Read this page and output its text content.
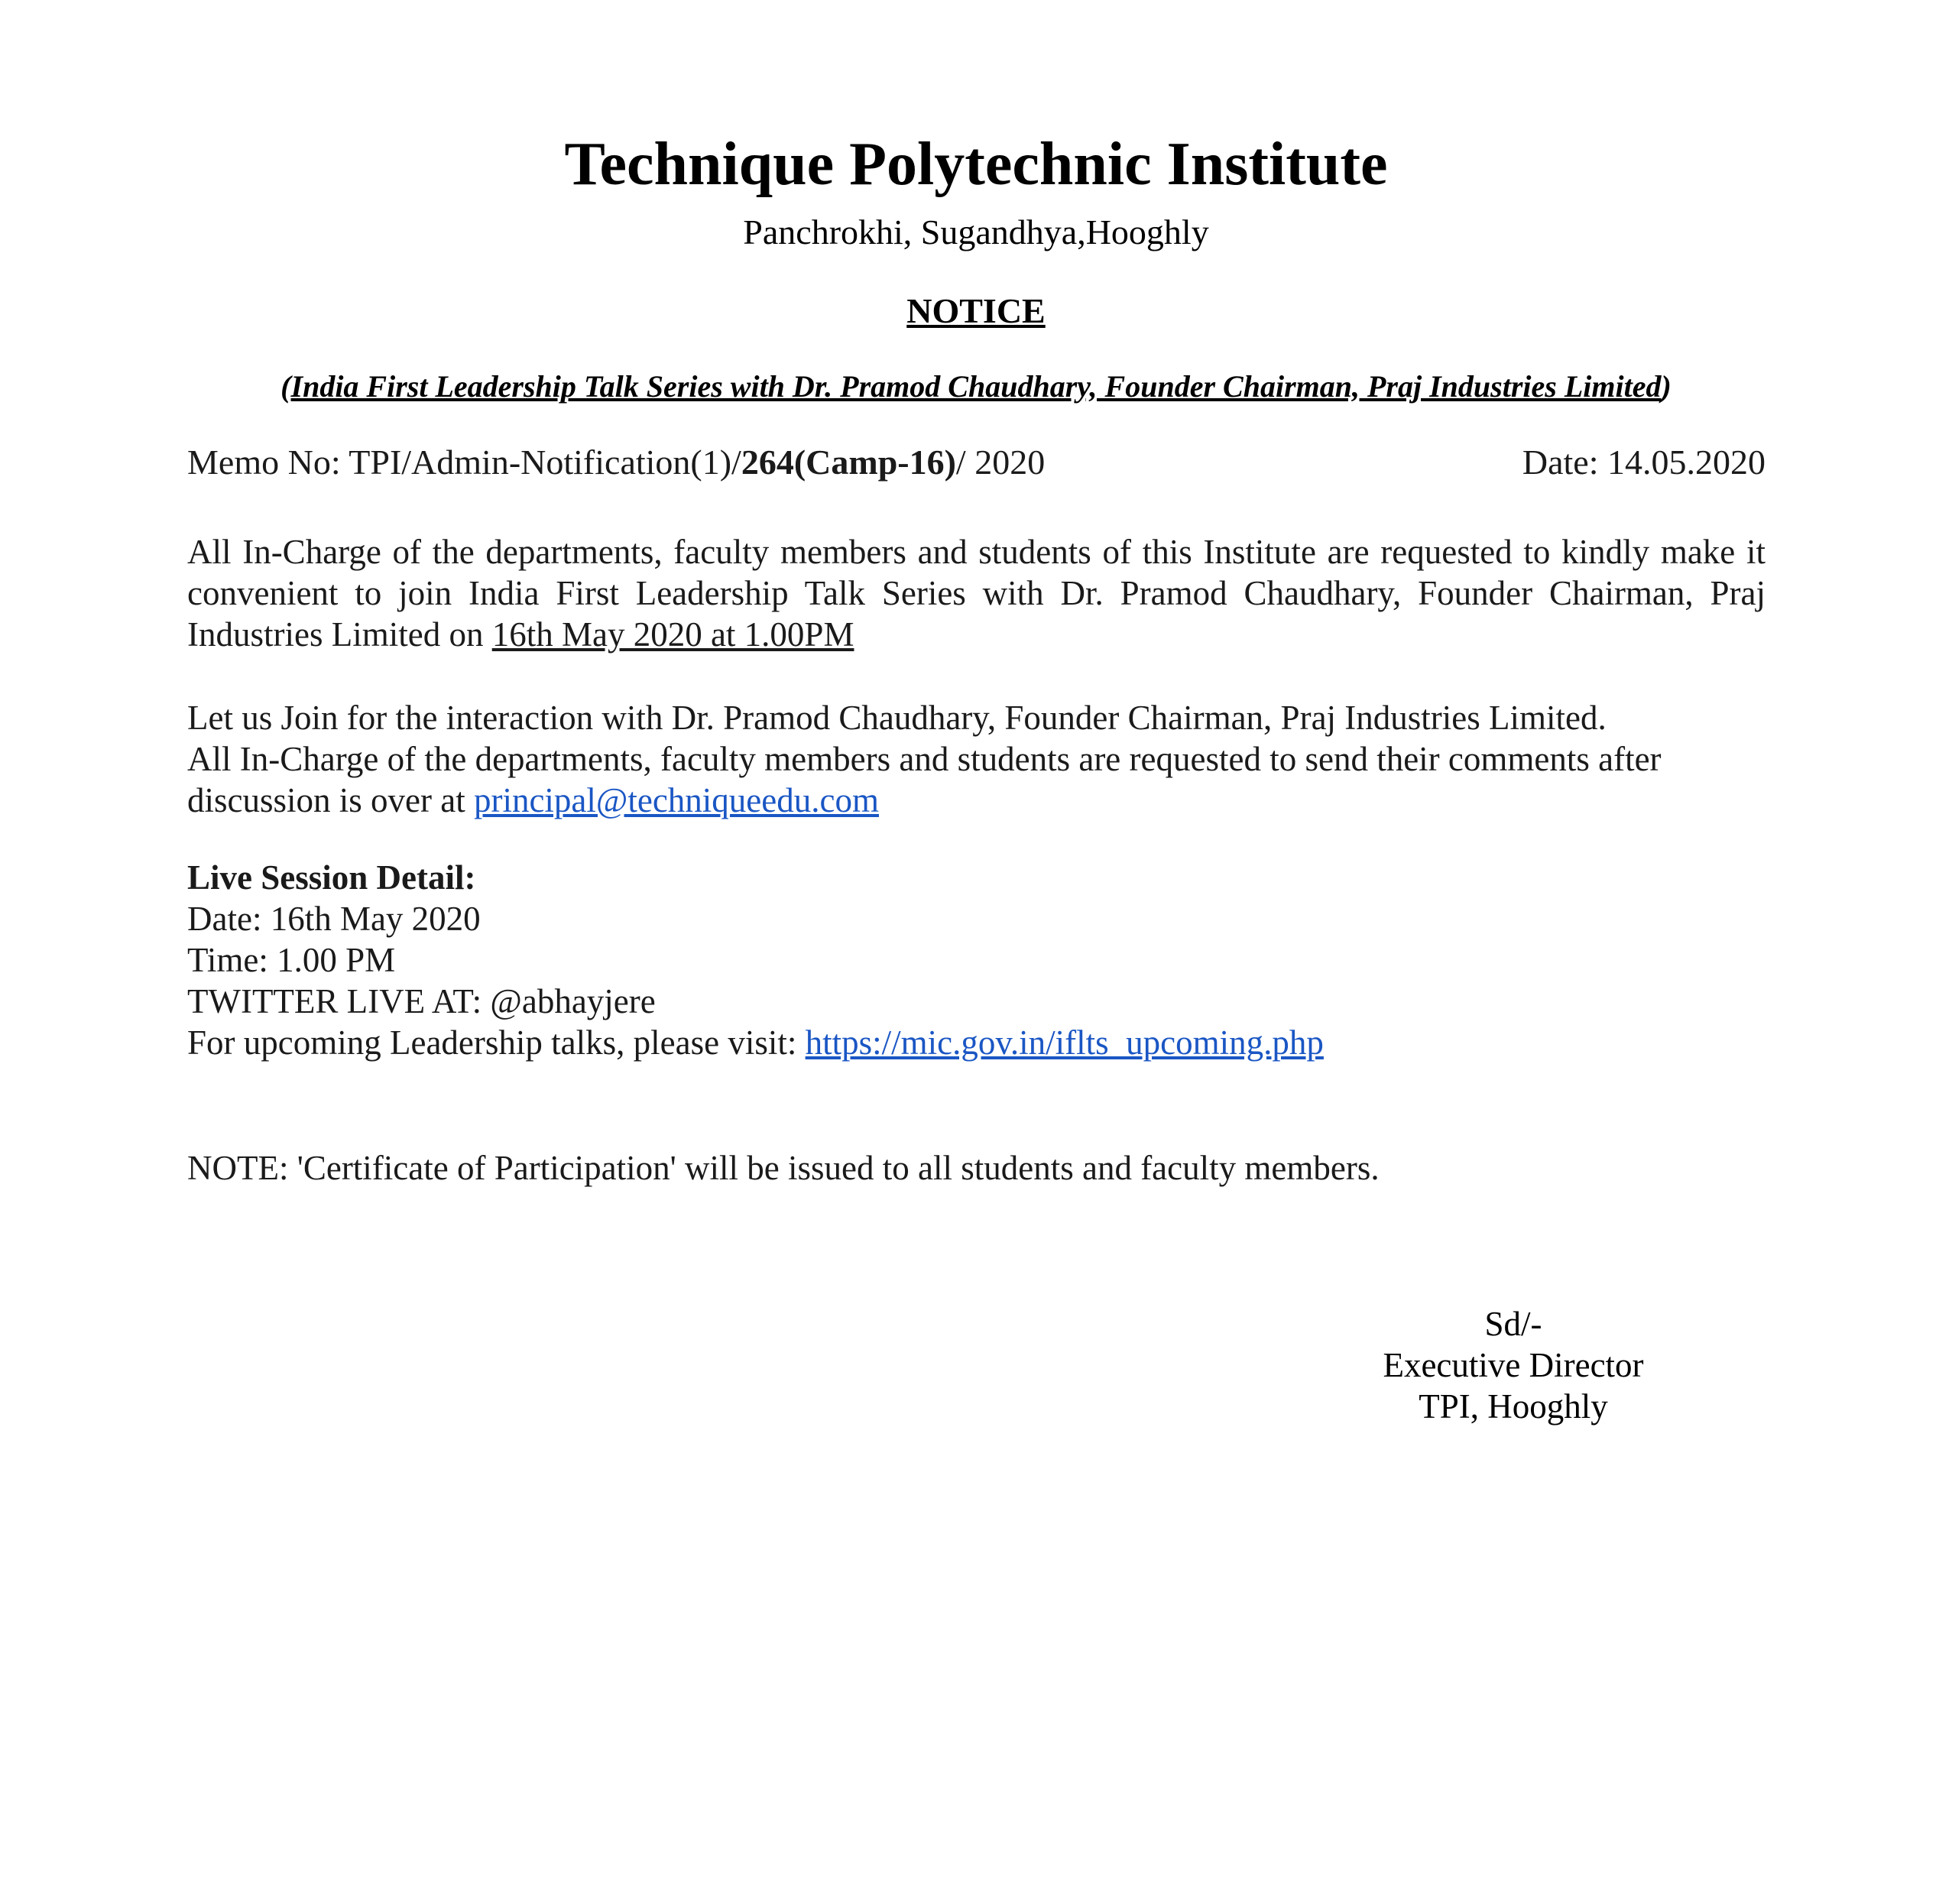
Technique Polytechnic Institute

Panchrokhi, Sugandhya,Hooghly

NOTICE

(India First Leadership Talk Series with Dr. Pramod Chaudhary, Founder Chairman, Praj Industries Limited)

Memo No: TPI/Admin-Notification(1)/264(Camp-16)/ 2020	Date: 14.05.2020

All In-Charge of the departments, faculty members and students of this Institute are requested to kindly make it convenient to join India First Leadership Talk Series with Dr. Pramod Chaudhary, Founder Chairman, Praj Industries Limited on 16th May 2020 at 1.00PM

Let us Join for the interaction with Dr. Pramod Chaudhary, Founder Chairman, Praj Industries Limited.
All In-Charge of the departments, faculty members and students are requested to send their comments after discussion is over at principal@techniqueedu.com
Live Session Detail:
Date: 16th May 2020
Time: 1.00 PM
TWITTER LIVE AT: @abhayjere
For upcoming Leadership talks, please visit: https://mic.gov.in/iflts_upcoming.php

NOTE: 'Certificate of Participation' will be issued to all students and faculty members.

Sd/-
Executive Director
TPI, Hooghly
